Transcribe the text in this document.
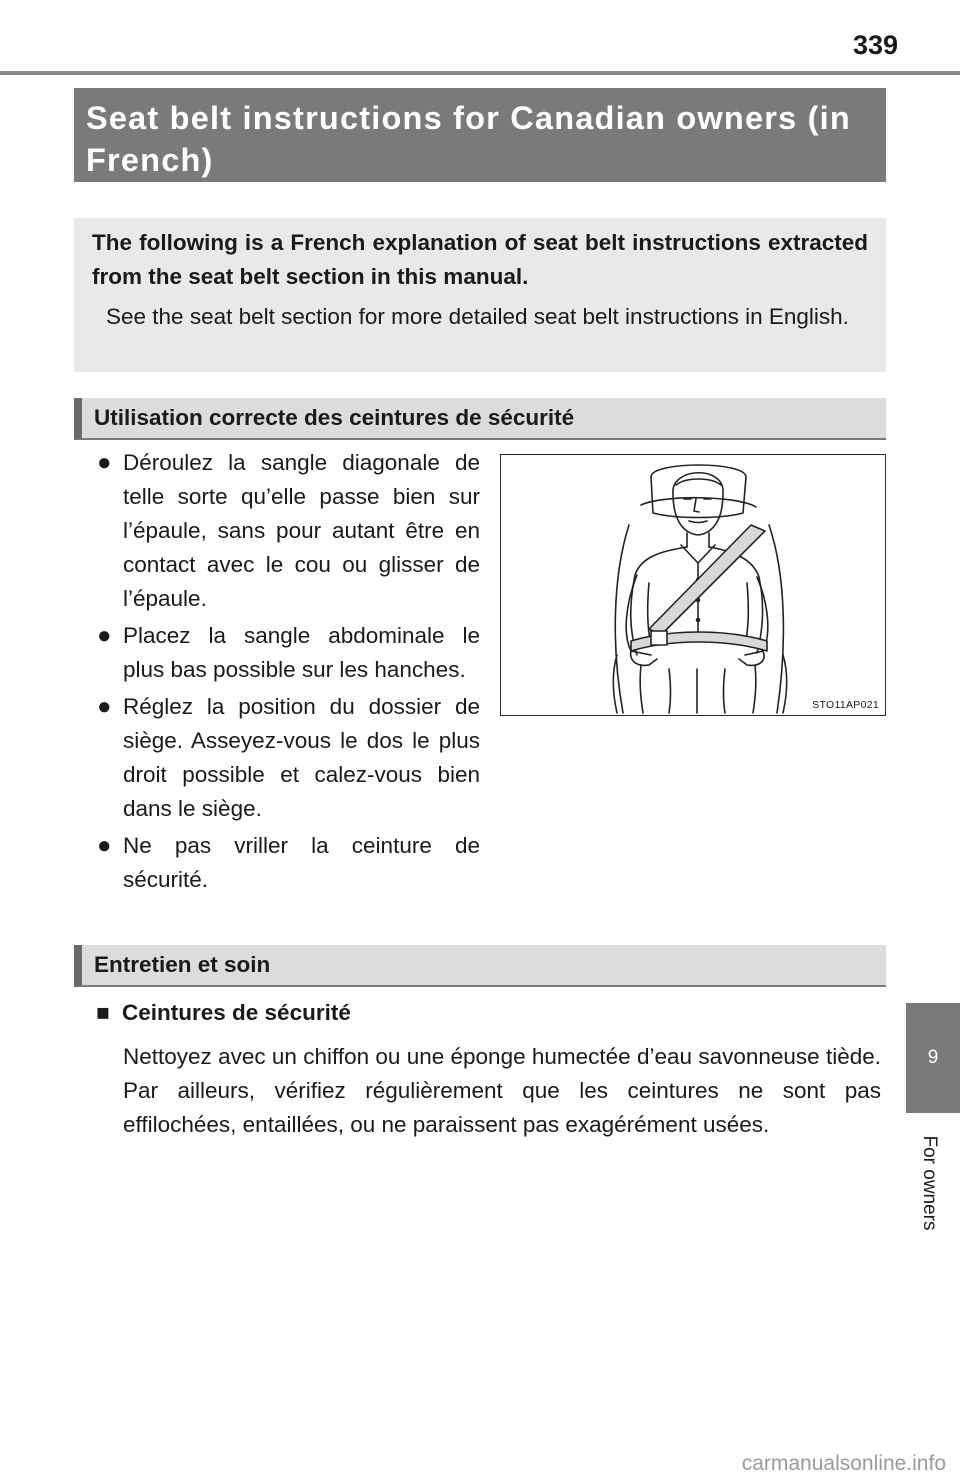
339
Seat belt instructions for Canadian owners (in French)

The following is a French explanation of seat belt instructions extracted from the seat belt section in this manual.

See the seat belt section for more detailed seat belt instructions in English.

Utilisation correcte des ceintures de sécurité
● Déroulez la sangle diagonale de telle sorte qu’elle passe bien sur l’épaule, sans pour autant être en contact avec le cou ou glisser de l’épaule.
● Placez la sangle abdominale le plus bas possible sur les hanches.
● Réglez la position du dossier de siège. Asseyez-vous le dos le plus droit possible et calez-vous bien dans le siège.
● Ne pas vriller la ceinture de sécurité.
STO11AP021
Entretien et soin
■ Ceintures de sécurité

Nettoyez avec un chiffon ou une éponge humectée d’eau savonneuse tiède. Par ailleurs, vérifiez régulièrement que les ceintures ne sont pas effilochées, entaillées, ou ne paraissent pas exagérément usées.

9
For owners
carmanualsonline.info
